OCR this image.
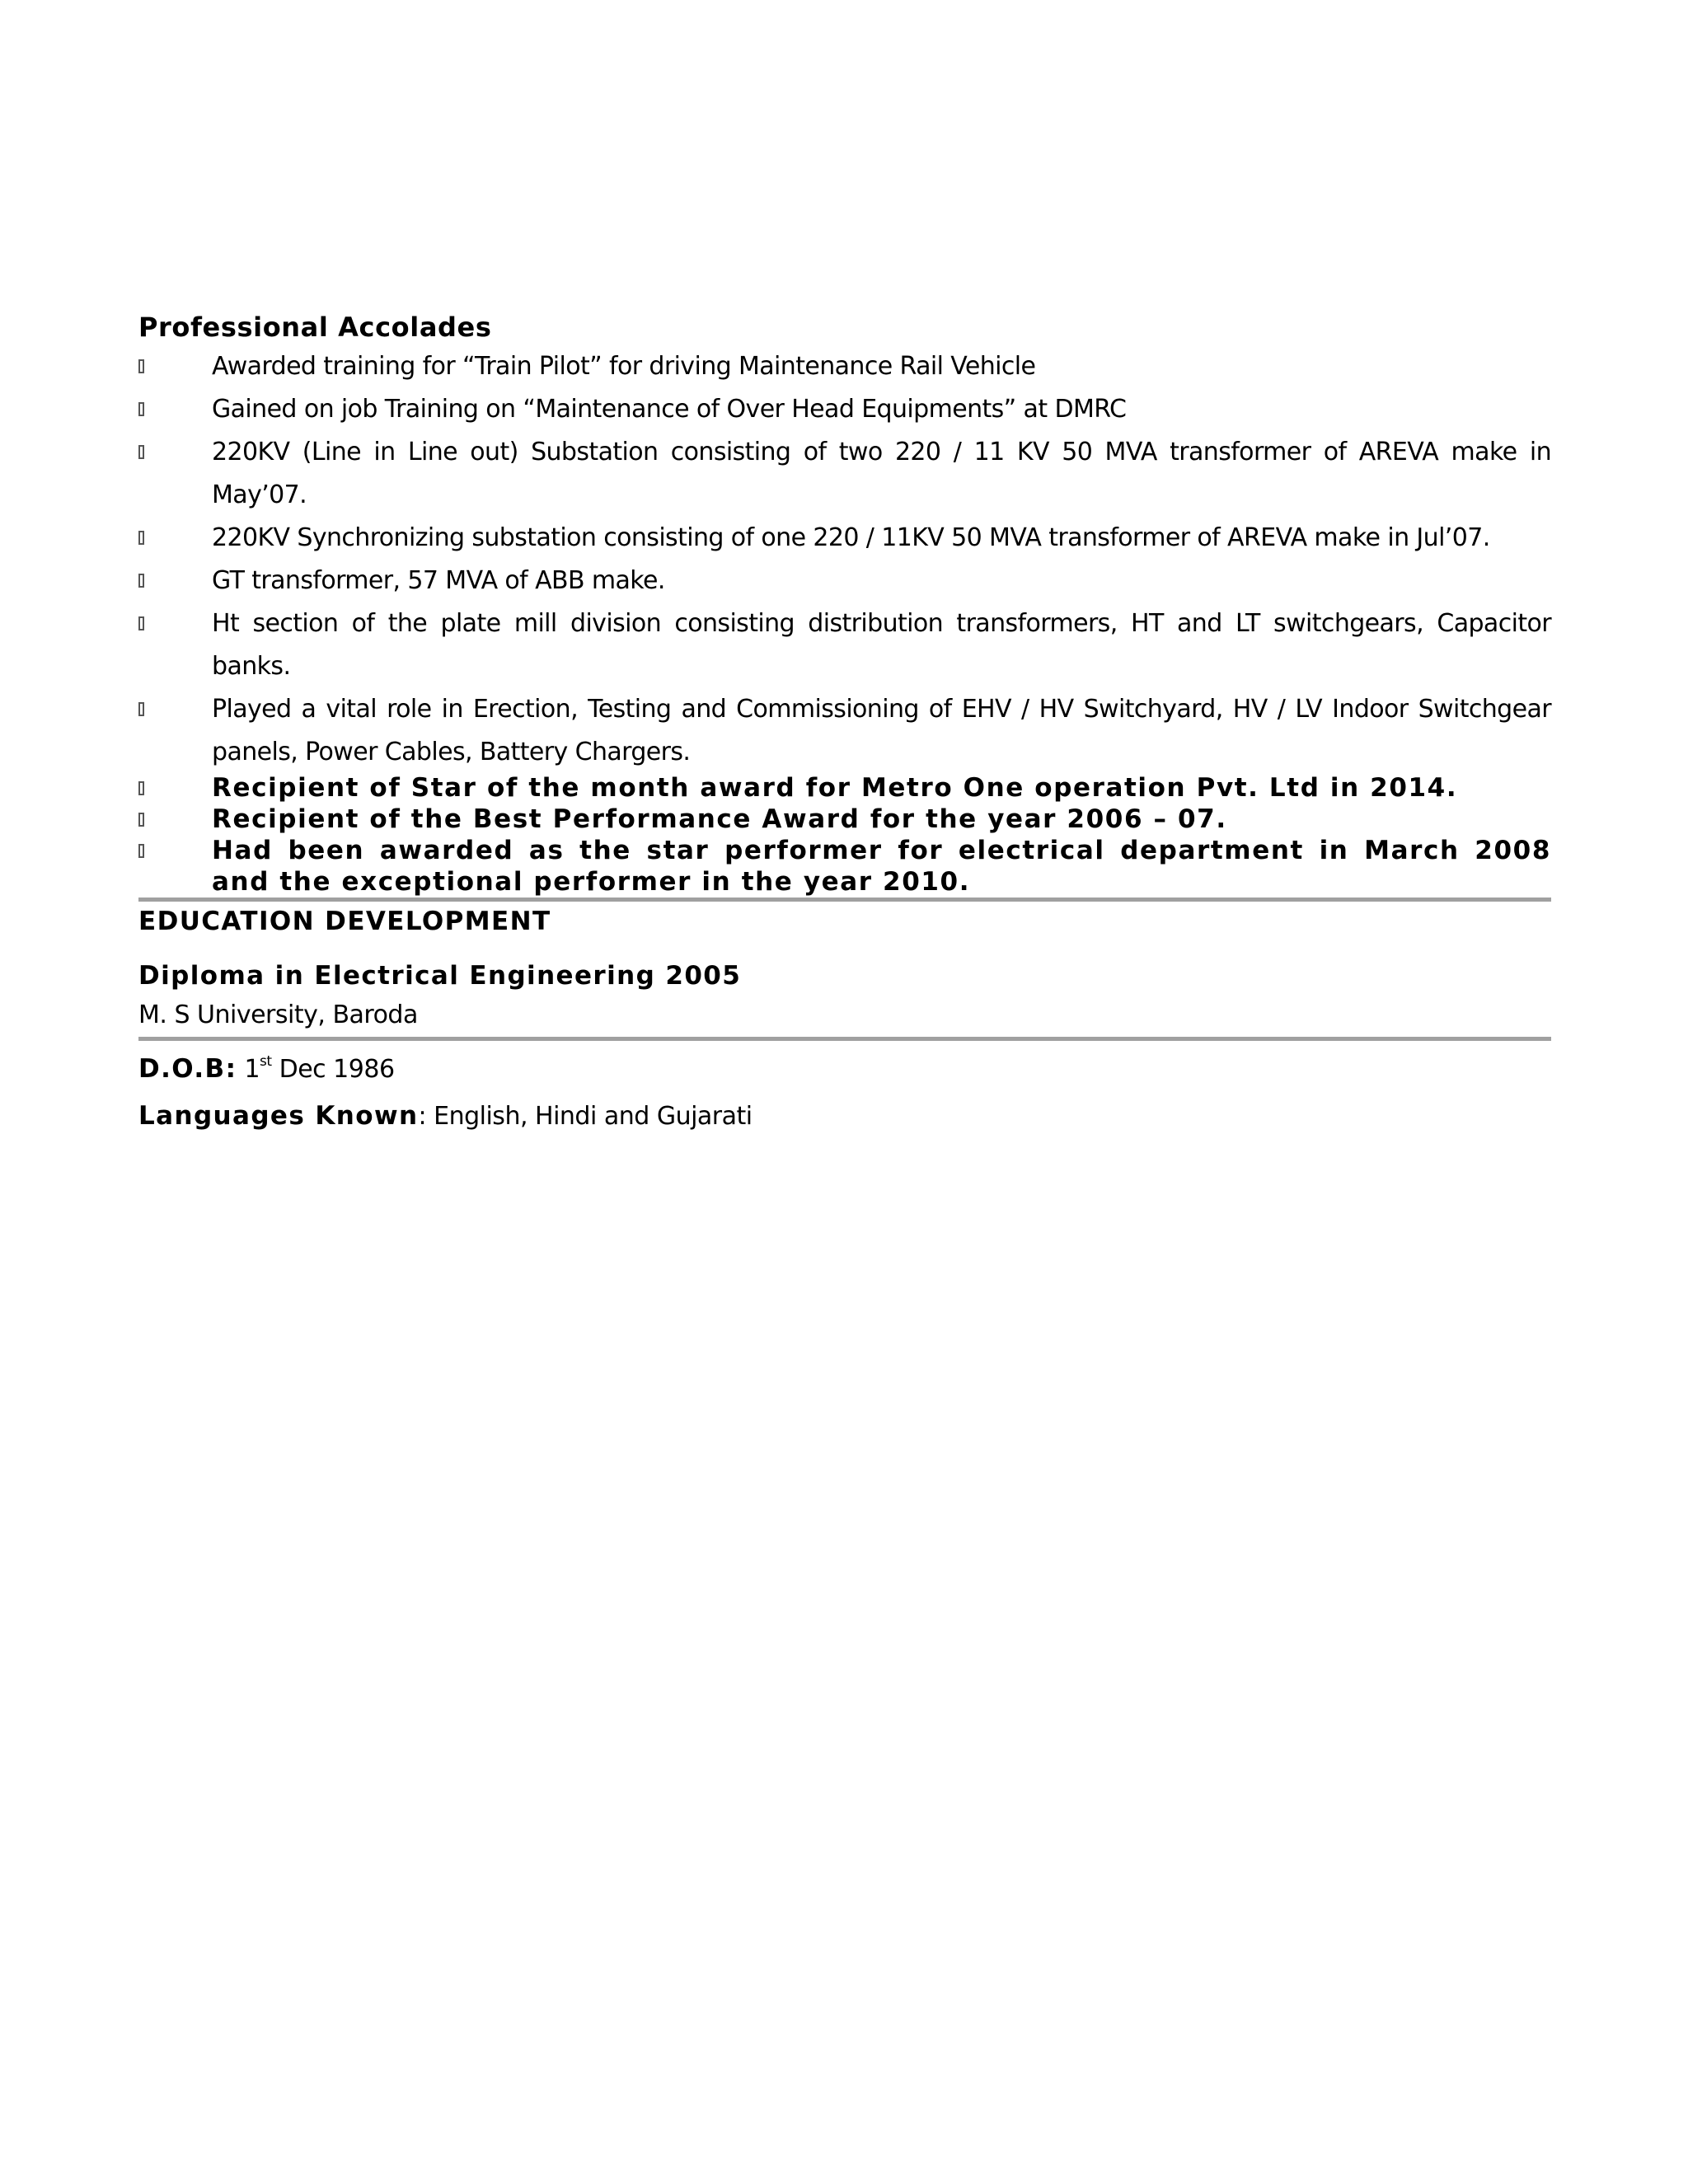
Professional Accolades
Awarded training for “Train Pilot” for driving Maintenance Rail Vehicle
Gained on job Training on “Maintenance of Over Head Equipments” at DMRC
220KV (Line in Line out) Substation consisting of two 220 / 11 KV 50 MVA transformer of AREVA make in May’07.
220KV Synchronizing substation consisting of one 220 / 11KV 50 MVA transformer of AREVA make in Jul’07.
GT transformer, 57 MVA of ABB make.
Ht section of the plate mill division consisting distribution transformers, HT and LT switchgears, Capacitor banks.
Played a vital role in Erection, Testing and Commissioning of EHV / HV Switchyard, HV / LV Indoor Switchgear panels, Power Cables, Battery Chargers.
Recipient of Star of the month award for Metro One operation Pvt. Ltd in 2014.
Recipient of the Best Performance Award for the year 2006 – 07.
Had been awarded as the star performer for electrical department in March 2008 and the exceptional performer in the year 2010.
EDUCATION DEVELOPMENT
Diploma in Electrical Engineering 2005
M. S University, Baroda
D.O.B: 1st Dec 1986
Languages Known: English, Hindi and Gujarati
